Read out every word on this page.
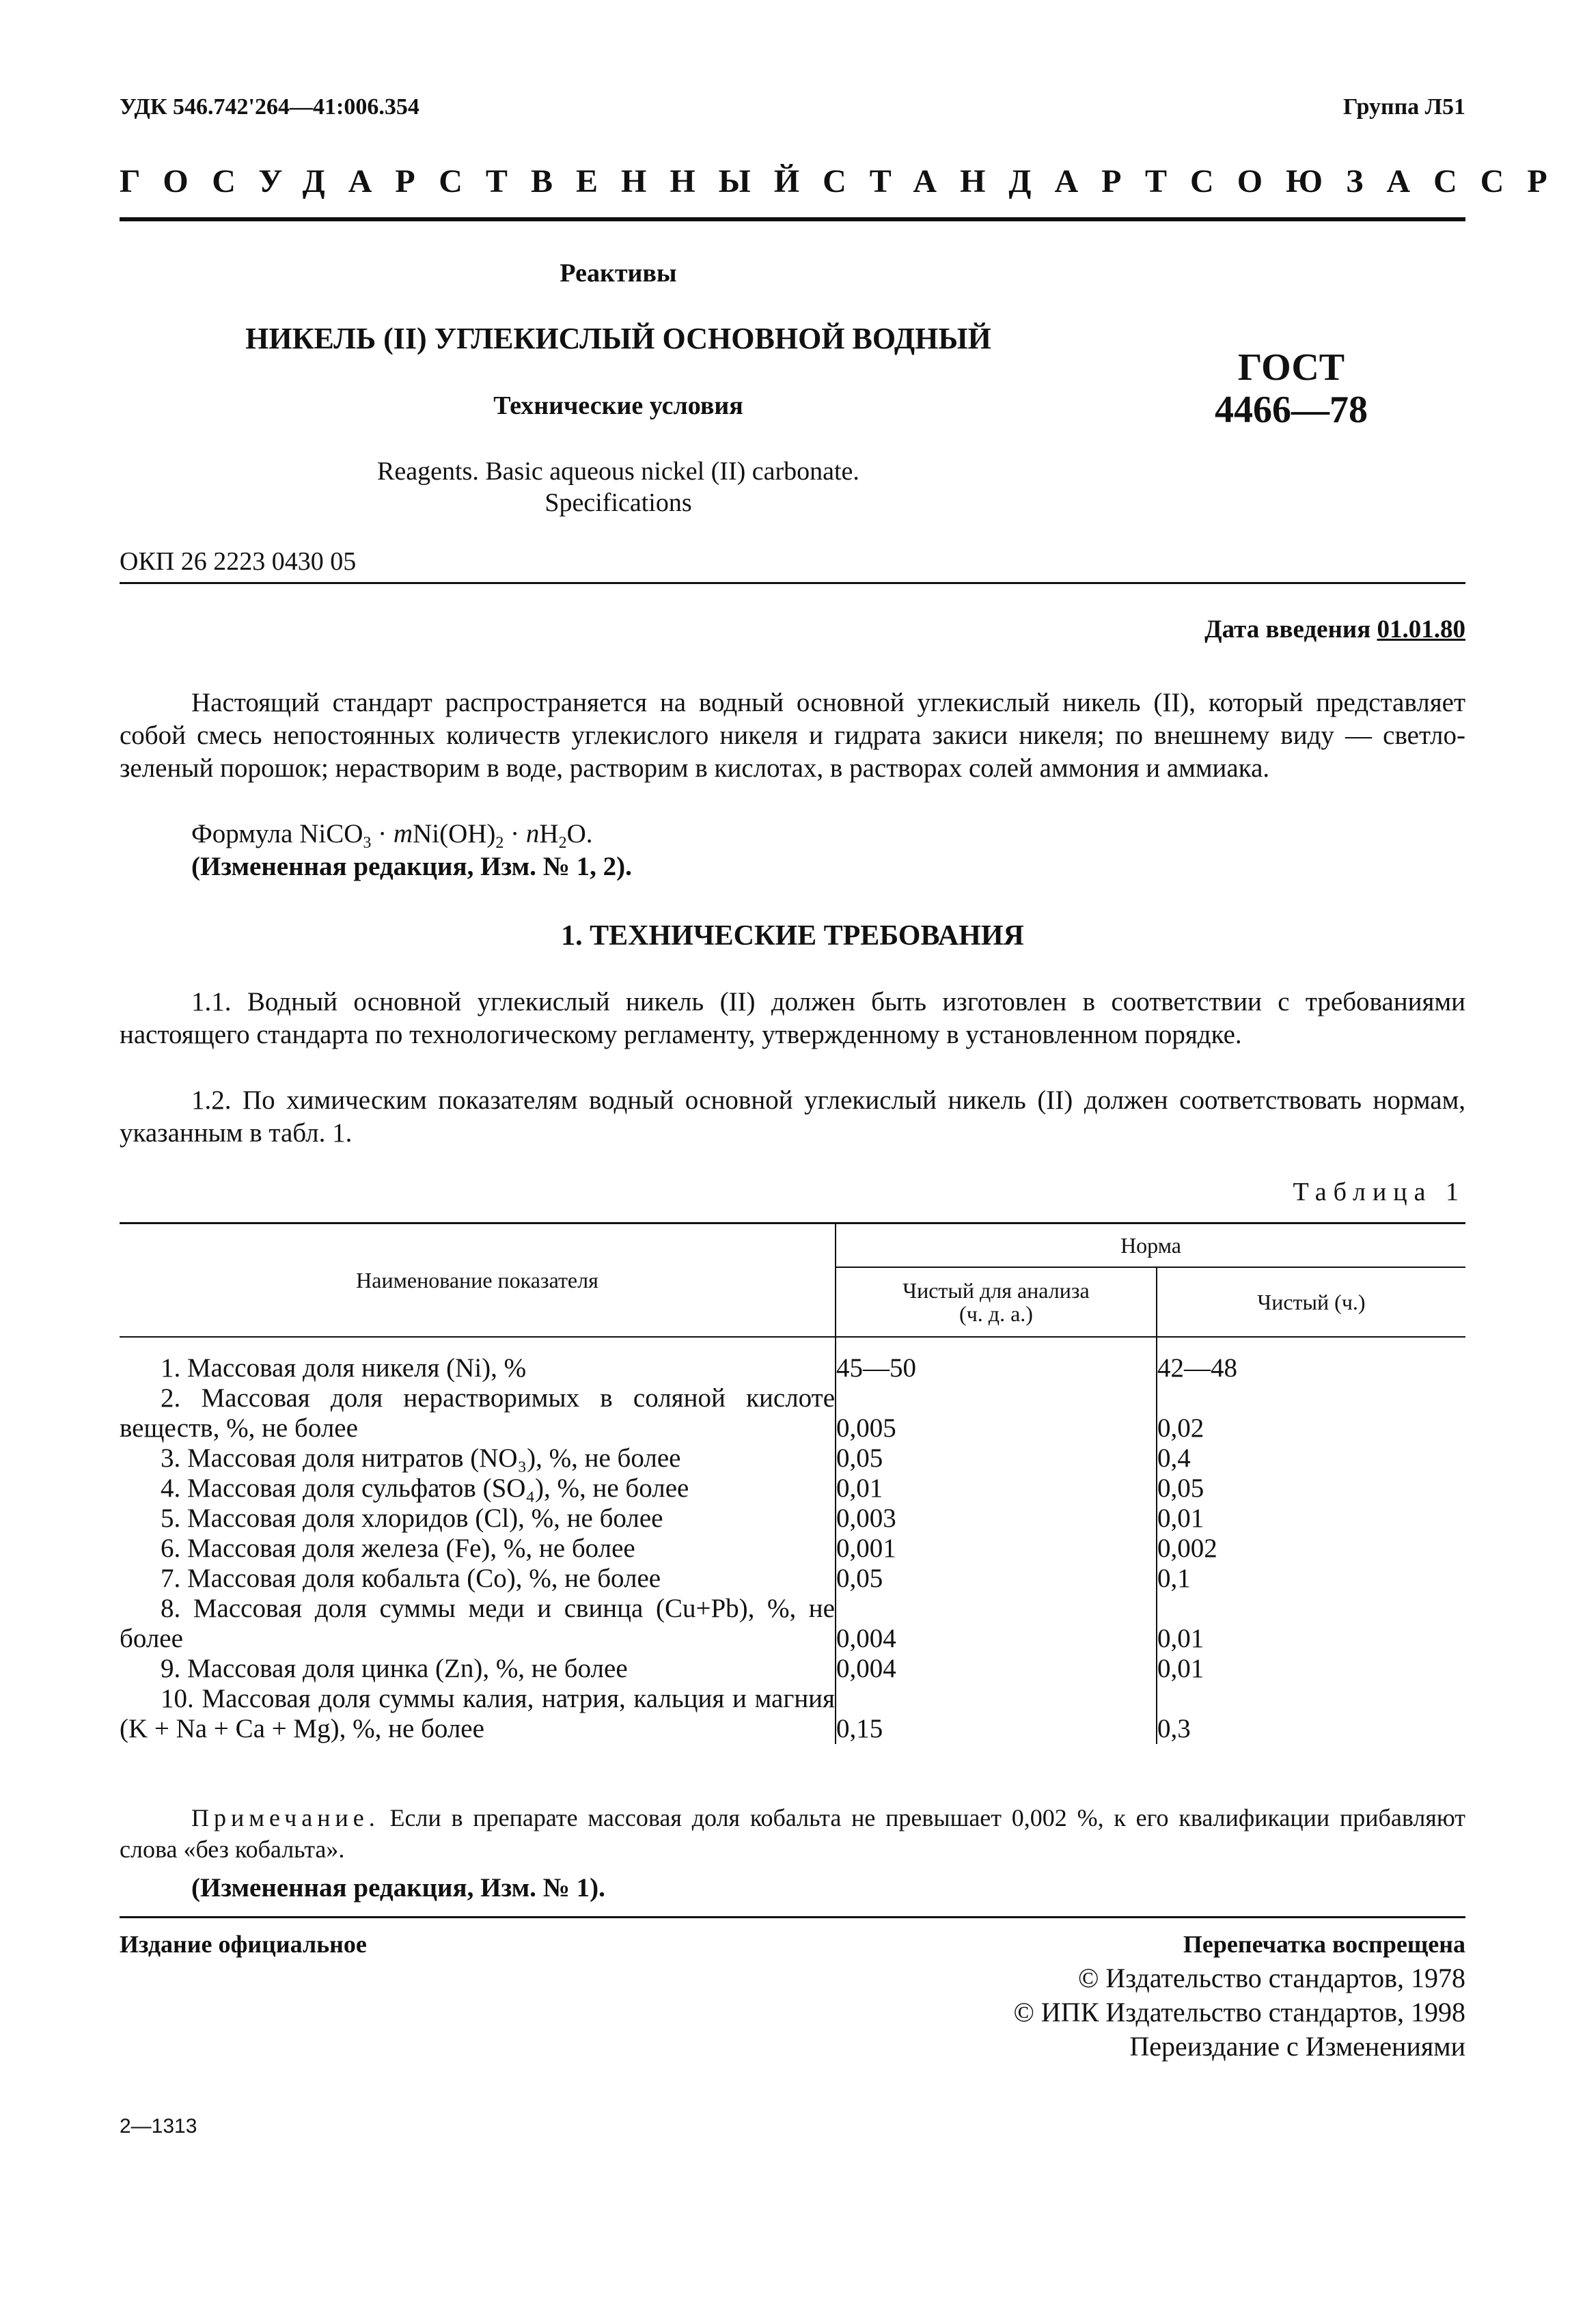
УДК 546.742'264—41:006.354	Группа Л51
ГОСУДАРСТВЕННЫЙ СТАНДАРТ СОЮЗА ССР
Реактивы
НИКЕЛЬ (II) УГЛЕКИСЛЫЙ ОСНОВНОЙ ВОДНЫЙ
Технические условия
Reagents. Basic aqueous nickel (II) carbonate.
Specifications
ГОСТ
4466—78
ОКП 26 2223 0430 05
Дата введения 01.01.80
Настоящий стандарт распространяется на водный основной углекислый никель (II), который представляет собой смесь непостоянных количеств углекислого никеля и гидрата закиси никеля; по внешнему виду — светло-зеленый порошок; нерастворим в воде, растворим в кислотах, в растворах солей аммония и аммиака.
Формула NiCO$_3$ · $mNi(OH)_2 \cdot nH_2O$.
(Измененная редакция, Изм. № 1, 2).
1. ТЕХНИЧЕСКИЕ ТРЕБОВАНИЯ
1.1. Водный основной углекислый никель (II) должен быть изготовлен в соответствии с требованиями настоящего стандарта по технологическому регламенту, утвержденному в установленном порядке.
1.2. По химическим показателям водный основной углекислый никель (II) должен соответствовать нормам, указанным в табл. 1.
Таблица 1
Наименование показателя	Норма	

	Чистый для анализа
(ч. д. а.)	Чистый (ч.)

1. Массовая доля никеля (Ni), %	45—50	42—48

2. Массовая доля нерастворимых в соляной кислоте веществ, %, не более	0,005	0,02

3. Массовая доля нитратов (NO₃), %, не более	0,05	0,4

4. Массовая доля сульфатов (SO₄), %, не более	0,01	0,05

5. Массовая доля хлоридов (Cl), %, не более	0,003	0,01

6. Массовая доля железа (Fe), %, не более	0,001	0,002

7. Массовая доля кобальта (Co), %, не более	0,05	0,1

8. Массовая доля суммы меди и свинца (Cu+Pb), %, не более	0,004	0,01

9. Массовая доля цинка (Zn), %, не более	0,004	0,01

10. Массовая доля суммы калия, натрия, кальция и магния (K + Na + Ca + Mg), %, не более	0,15	0,3
Примечание. Если в препарате массовая доля кобальта не превышает 0,002 %, к его квалификации прибавляют слова «без кобальта».
(Измененная редакция, Изм. № 1).
Издание официальное	Перепечатка воспрещена
© Издательство стандартов, 1978
© ИПК Издательство стандартов, 1998
Переиздание с Изменениями
2—1313
